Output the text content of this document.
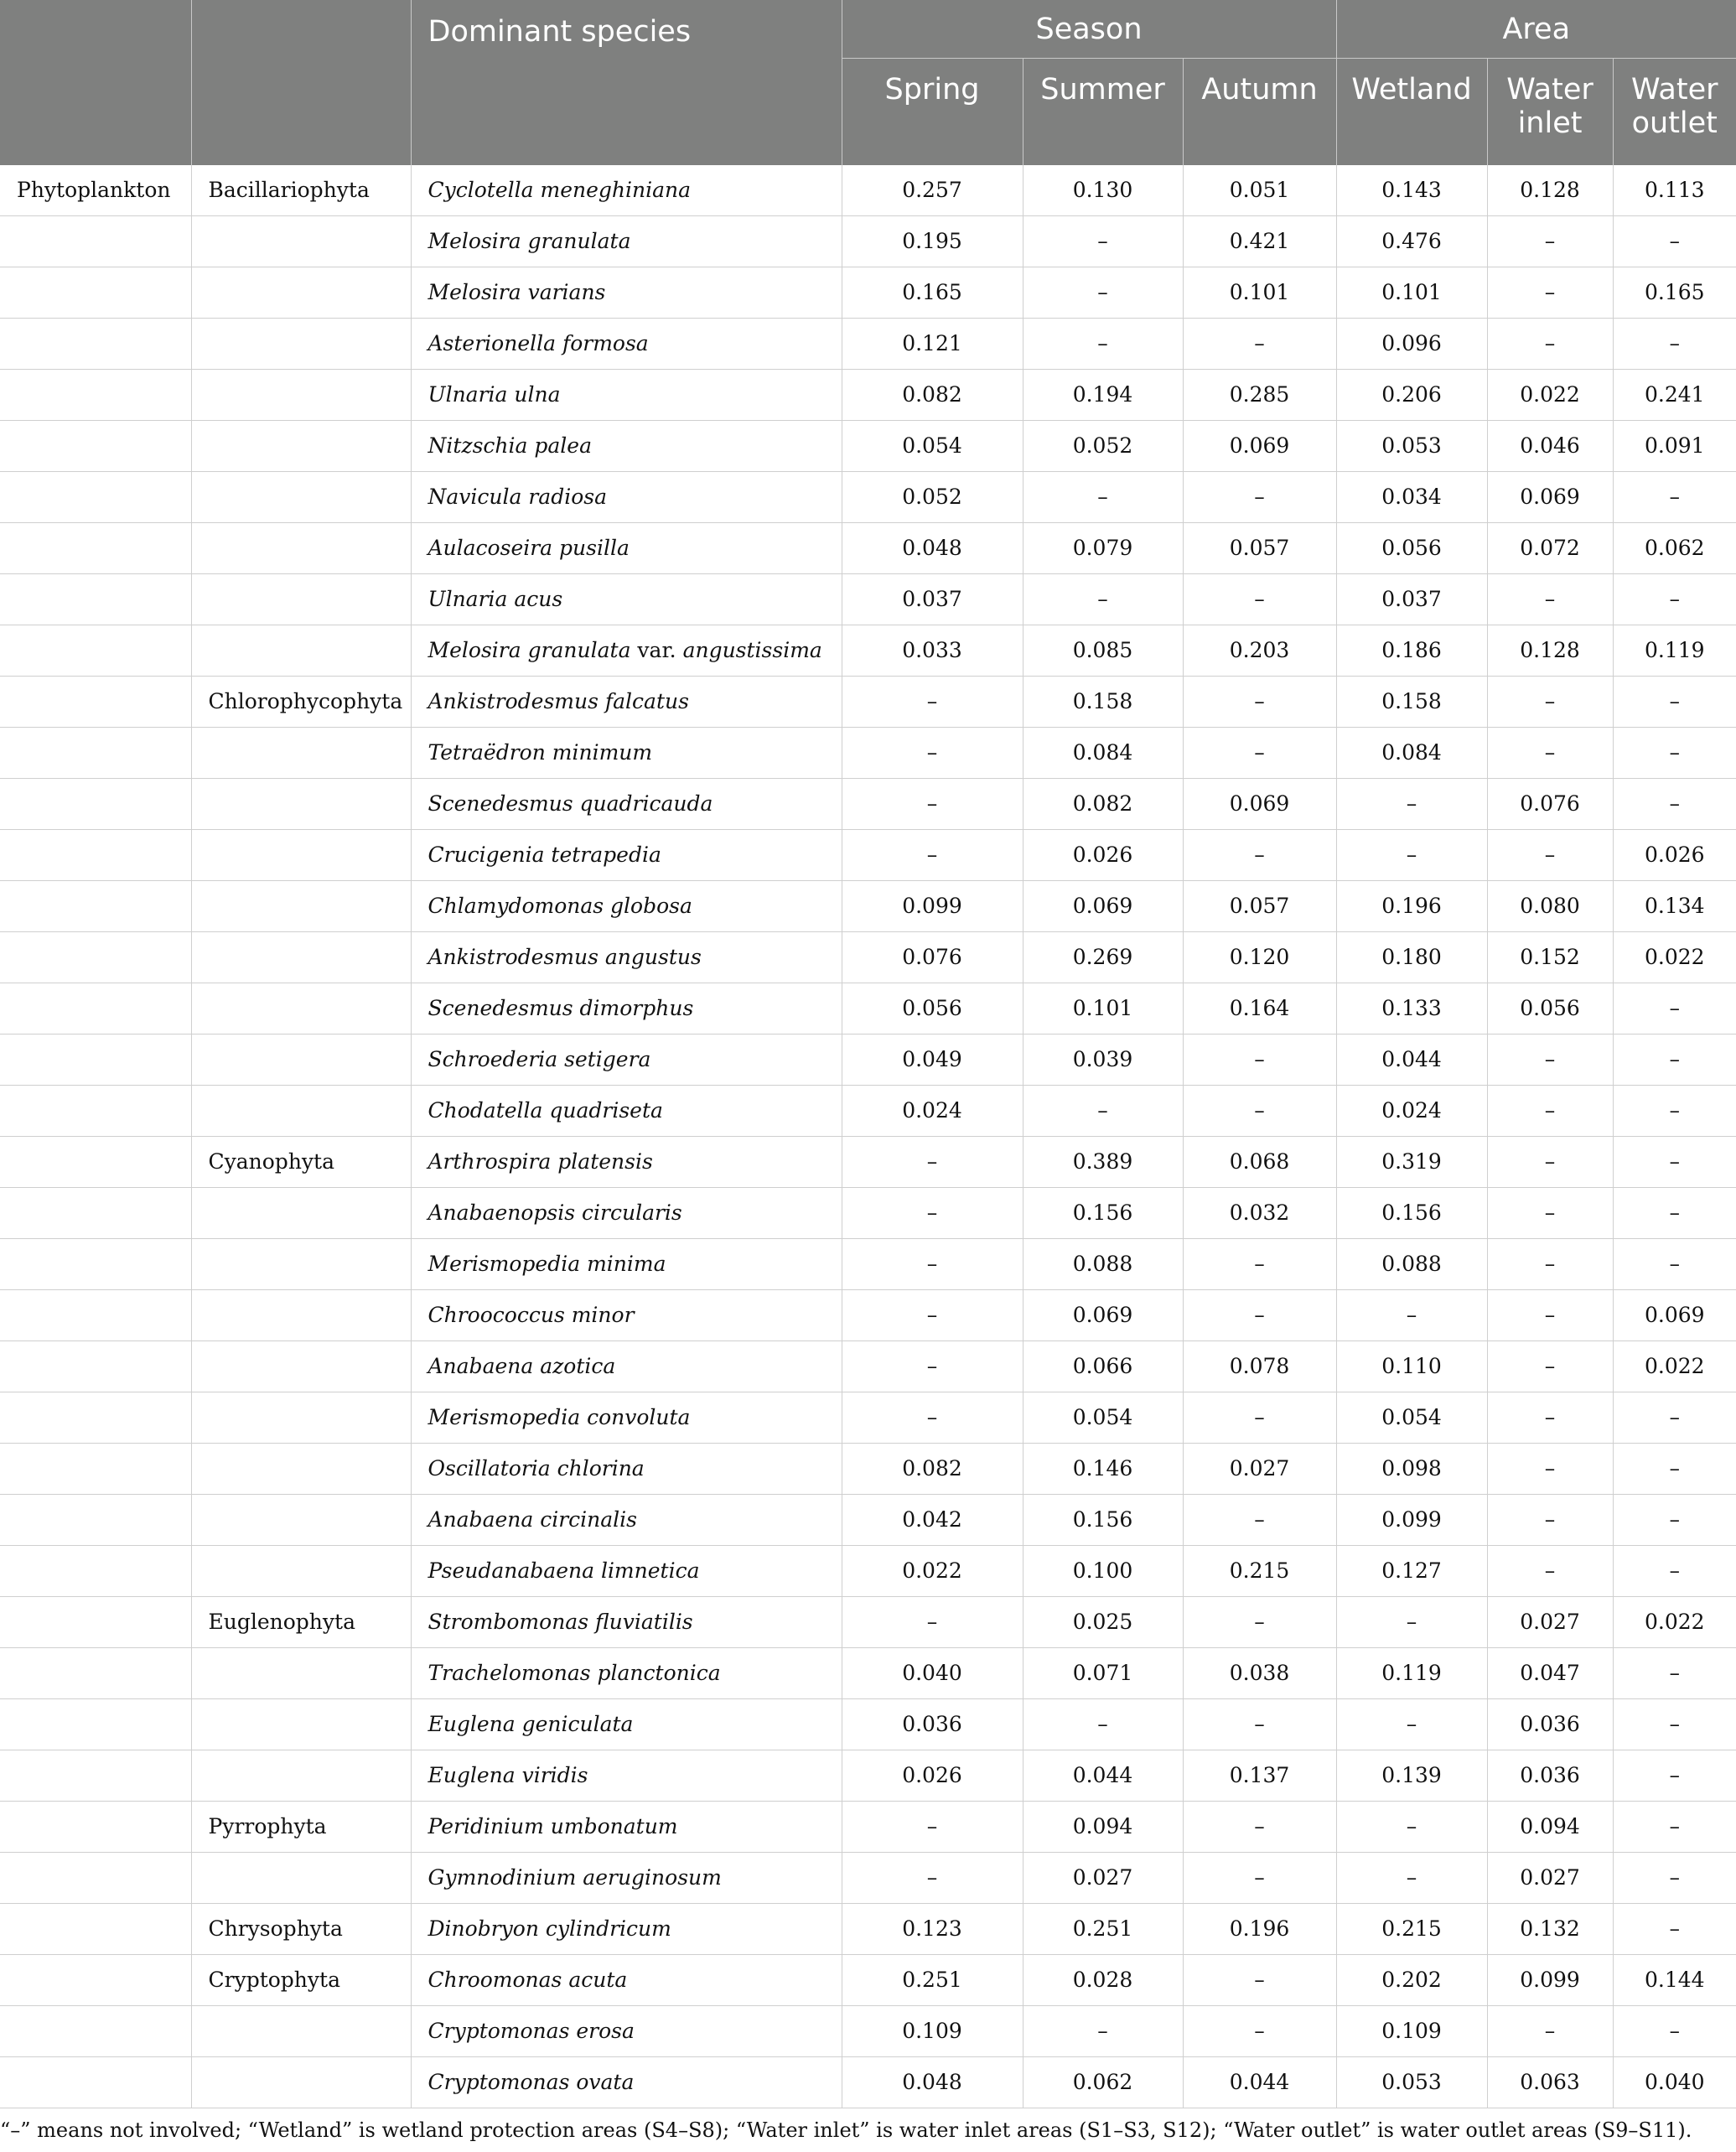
		Dominant species	Season			Area		
			Spring	Summer	Autumn	Wetland	Water inlet	Water outlet
Phytoplankton	Bacillariophyta	Cyclotella meneghiniana	0.257	0.130	0.051	0.143	0.128	0.113
		Melosira granulata	0.195	–	0.421	0.476	–	–
		Melosira varians	0.165	–	0.101	0.101	–	0.165
		Asterionella formosa	0.121	–	–	0.096	–	–
		Ulnaria ulna	0.082	0.194	0.285	0.206	0.022	0.241
		Nitzschia palea	0.054	0.052	0.069	0.053	0.046	0.091
		Navicula radiosa	0.052	–	–	0.034	0.069	–
		Aulacoseira pusilla	0.048	0.079	0.057	0.056	0.072	0.062
		Ulnaria acus	0.037	–	–	0.037	–	–
		Melosira granulata var. angustissima	0.033	0.085	0.203	0.186	0.128	0.119
	Chlorophycophyta	Ankistrodesmus falcatus	–	0.158	–	0.158	–	–
		Tetraëdron minimum	–	0.084	–	0.084	–	–
		Scenedesmus quadricauda	–	0.082	0.069	–	0.076	–
		Crucigenia tetrapedia	–	0.026	–	–	–	0.026
		Chlamydomonas globosa	0.099	0.069	0.057	0.196	0.080	0.134
		Ankistrodesmus angustus	0.076	0.269	0.120	0.180	0.152	0.022
		Scenedesmus dimorphus	0.056	0.101	0.164	0.133	0.056	–
		Schroederia setigera	0.049	0.039	–	0.044	–	–
		Chodatella quadriseta	0.024	–	–	0.024	–	–
	Cyanophyta	Arthrospira platensis	–	0.389	0.068	0.319	–	–
		Anabaenopsis circularis	–	0.156	0.032	0.156	–	–
		Merismopedia minima	–	0.088	–	0.088	–	–
		Chroococcus minor	–	0.069	–	–	–	0.069
		Anabaena azotica	–	0.066	0.078	0.110	–	0.022
		Merismopedia convoluta	–	0.054	–	0.054	–	–
		Oscillatoria chlorina	0.082	0.146	0.027	0.098	–	–
		Anabaena circinalis	0.042	0.156	–	0.099	–	–
		Pseudanabaena limnetica	0.022	0.100	0.215	0.127	–	–
	Euglenophyta	Strombomonas fluviatilis	–	0.025	–	–	0.027	0.022
		Trachelomonas planctonica	0.040	0.071	0.038	0.119	0.047	–
		Euglena geniculata	0.036	–	–	–	0.036	–
		Euglena viridis	0.026	0.044	0.137	0.139	0.036	–
	Pyrrophyta	Peridinium umbonatum	–	0.094	–	–	0.094	–
		Gymnodinium aeruginosum	–	0.027	–	–	0.027	–
	Chrysophyta	Dinobryon cylindricum	0.123	0.251	0.196	0.215	0.132	–
	Cryptophyta	Chroomonas acuta	0.251	0.028	–	0.202	0.099	0.144
		Cryptomonas erosa	0.109	–	–	0.109	–	–
		Cryptomonas ovata	0.048	0.062	0.044	0.053	0.063	0.040
“–” means not involved; “Wetland” is wetland protection areas (S4–S8); “Water inlet” is water inlet areas (S1–S3, S12); “Water outlet” is water outlet areas (S9–S11).
